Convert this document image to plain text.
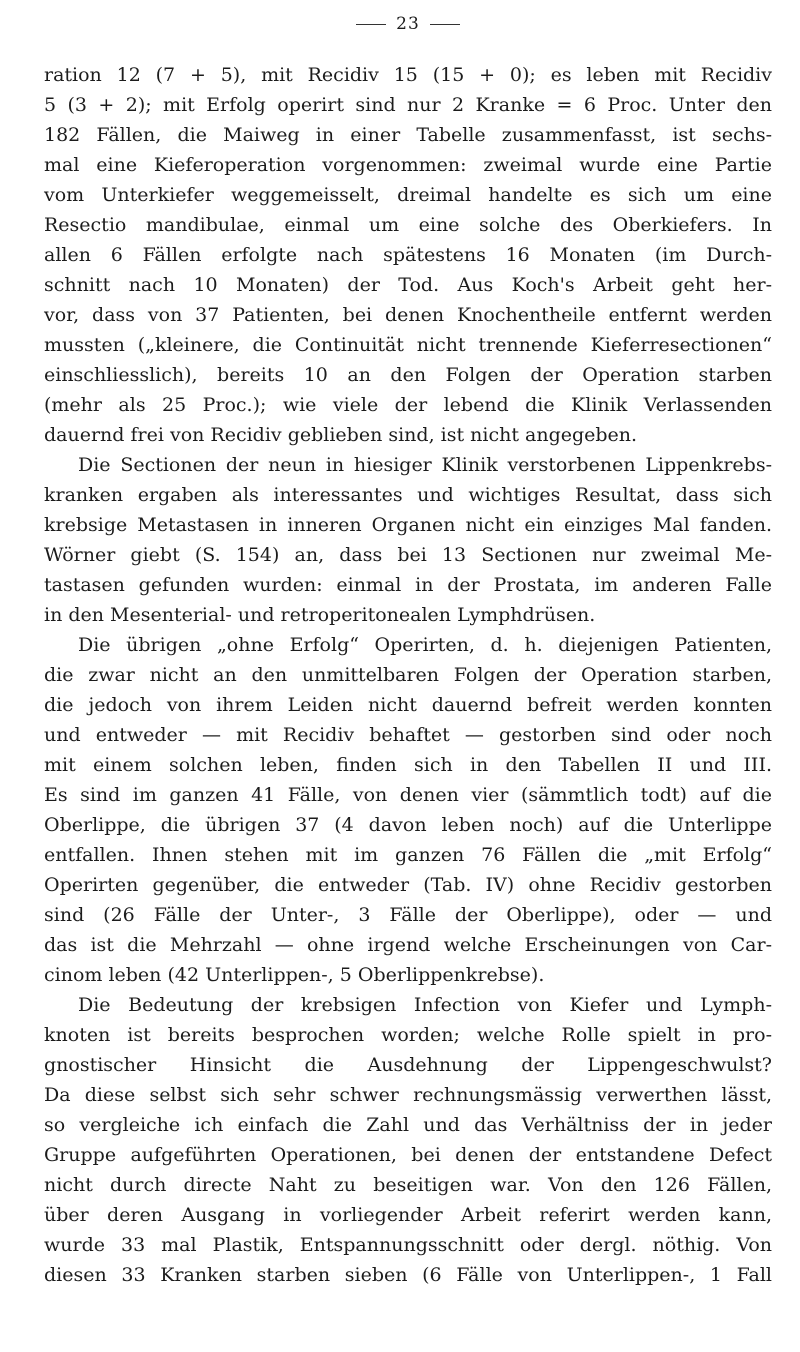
23
ration 12 (7 + 5), mit Recidiv 15 (15 + 0); es leben mit Recidiv
5 (3 + 2); mit Erfolg operirt sind nur 2 Kranke = 6 Proc. Unter den
182 Fällen, die Maiweg in einer Tabelle zusammenfasst, ist sechs-
mal eine Kieferoperation vorgenommen: zweimal wurde eine Partie
vom Unterkiefer weggemeisselt, dreimal handelte es sich um eine
Resectio mandibulae, einmal um eine solche des Oberkiefers. In
allen 6 Fällen erfolgte nach spätestens 16 Monaten (im Durch-
schnitt nach 10 Monaten) der Tod. Aus Koch's Arbeit geht her-
vor, dass von 37 Patienten, bei denen Knochentheile entfernt werden
mussten („kleinere, die Continuität nicht trennende Kieferresectionen“
einschliesslich), bereits 10 an den Folgen der Operation starben
(mehr als 25 Proc.); wie viele der lebend die Klinik Verlassenden
dauernd frei von Recidiv geblieben sind, ist nicht angegeben.
Die Sectionen der neun in hiesiger Klinik verstorbenen Lippenkrebs-
kranken ergaben als interessantes und wichtiges Resultat, dass sich
krebsige Metastasen in inneren Organen nicht ein einziges Mal fanden.
Wörner giebt (S. 154) an, dass bei 13 Sectionen nur zweimal Me-
tastasen gefunden wurden: einmal in der Prostata, im anderen Falle
in den Mesenterial- und retroperitonealen Lymphdrüsen.
Die übrigen „ohne Erfolg“ Operirten, d. h. diejenigen Patienten,
die zwar nicht an den unmittelbaren Folgen der Operation starben,
die jedoch von ihrem Leiden nicht dauernd befreit werden konnten
und entweder — mit Recidiv behaftet — gestorben sind oder noch
mit einem solchen leben, finden sich in den Tabellen II und III.
Es sind im ganzen 41 Fälle, von denen vier (sämmtlich todt) auf die
Oberlippe, die übrigen 37 (4 davon leben noch) auf die Unterlippe
entfallen. Ihnen stehen mit im ganzen 76 Fällen die „mit Erfolg“
Operirten gegenüber, die entweder (Tab. IV) ohne Recidiv gestorben
sind (26 Fälle der Unter-, 3 Fälle der Oberlippe), oder — und
das ist die Mehrzahl — ohne irgend welche Erscheinungen von Car-
cinom leben (42 Unterlippen-, 5 Oberlippenkrebse).
Die Bedeutung der krebsigen Infection von Kiefer und Lymph-
knoten ist bereits besprochen worden; welche Rolle spielt in pro-
gnostischer Hinsicht die Ausdehnung der Lippengeschwulst?
Da diese selbst sich sehr schwer rechnungsmässig verwerthen lässt,
so vergleiche ich einfach die Zahl und das Verhältniss der in jeder
Gruppe aufgeführten Operationen, bei denen der entstandene Defect
nicht durch directe Naht zu beseitigen war. Von den 126 Fällen,
über deren Ausgang in vorliegender Arbeit referirt werden kann,
wurde 33 mal Plastik, Entspannungsschnitt oder dergl. nöthig. Von
diesen 33 Kranken starben sieben (6 Fälle von Unterlippen-, 1 Fall
